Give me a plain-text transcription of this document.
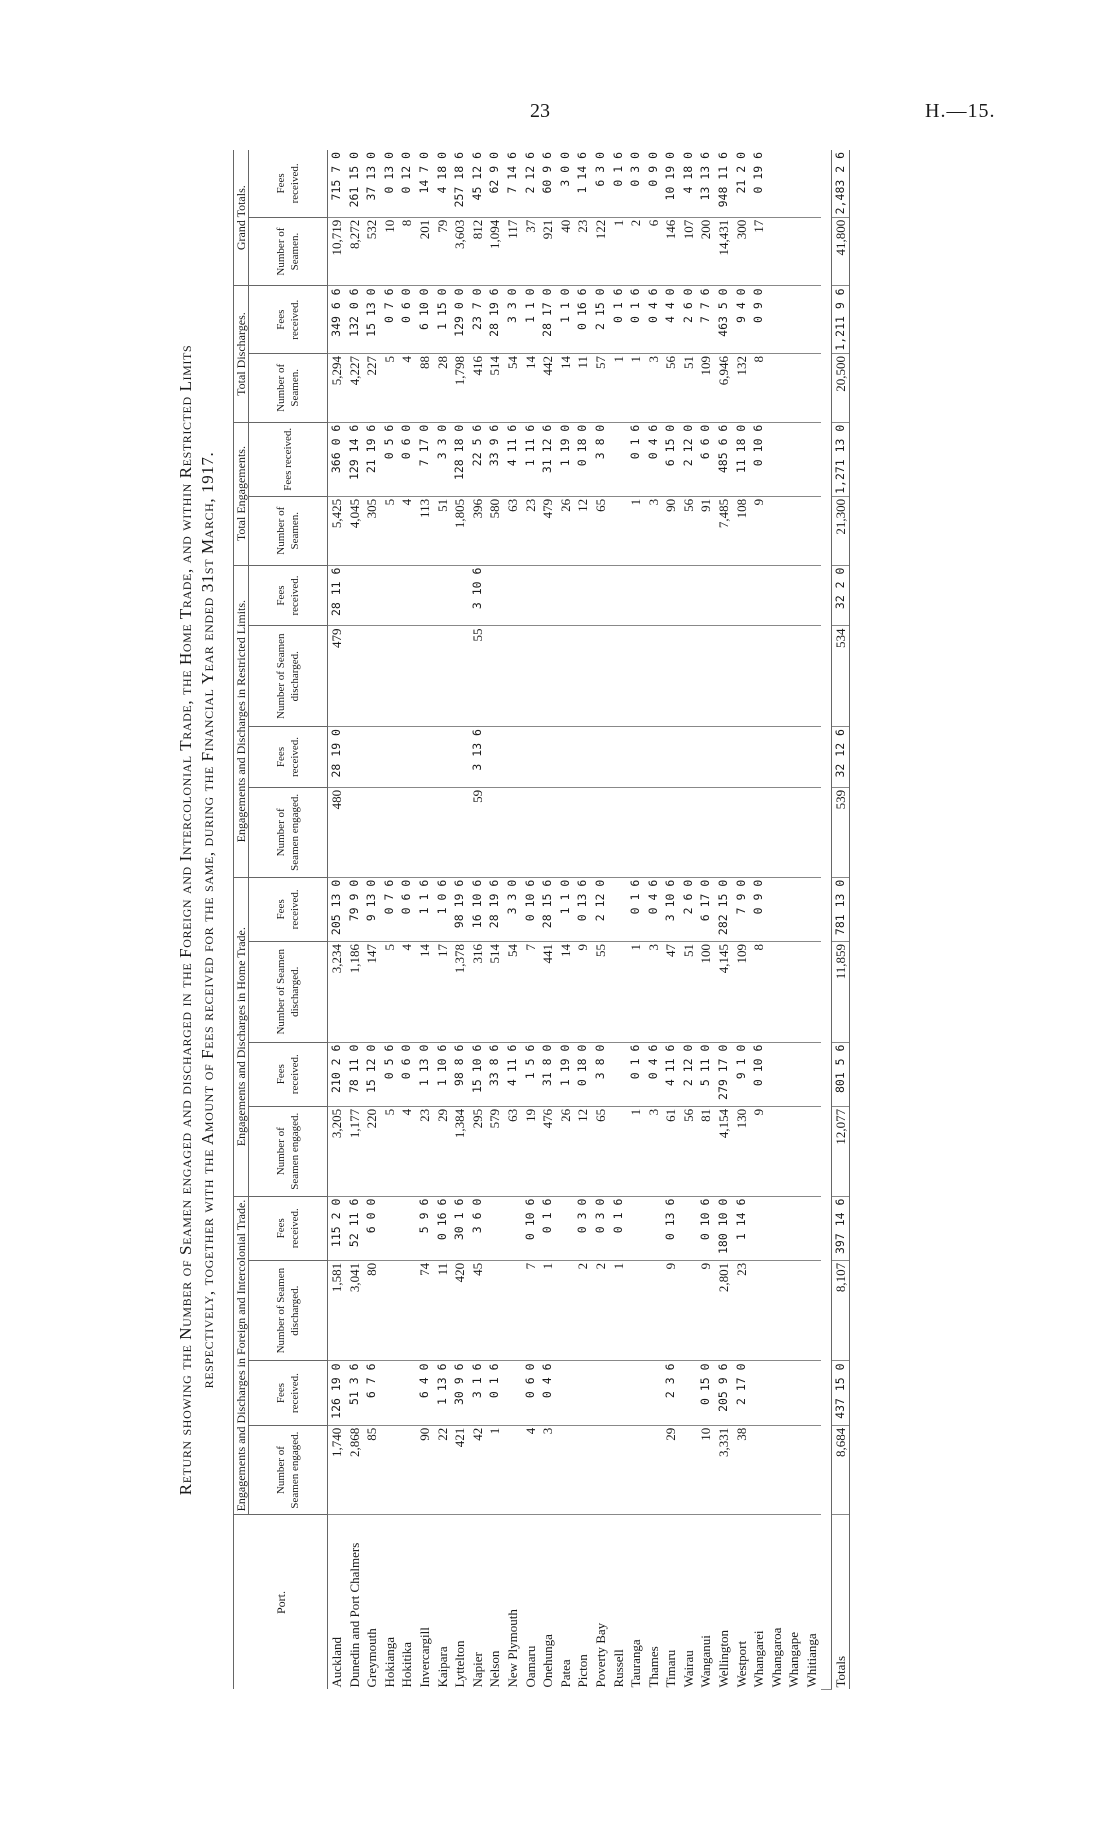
23	H.—15.

Return showing the Number of Seamen engaged and discharged in the Foreign and Intercolonial Trade, the Home Trade, and within Restricted Limits respectively, together with the Amount of Fees received for the same, during the Financial Year ended 31st March, 1917.

Port.	Engagements and Discharges in Foreign and Intercolonial Trade.				Engagements and Discharges in Home Trade.				Engagements and Discharges in Restricted Limits.				Total Engagements.		Total Discharges.		Grand Totals.	
	Number of Seamen engaged.	Fees received.	Number of Seamen discharged.	Fees received.	Number of Seamen engaged.	Fees received.	Number of Seamen discharged.	Fees received.	Number of Seamen engaged.	Fees received.	Number of Seamen discharged.	Fees received.	Number of Seamen.	Fees received.	Number of Seamen.	Fees received.	Number of Seamen.	Fees received.
Auckland	1,740	126 19 0	1,581	115 2 0	3,205	210 2 6	3,234	205 13 0	480	28 19 0	479	28 11 6	5,425	366 0 6	5,294	349 6 6	10,719	715 7 0
Dunedin and Port Chalmers	2,868	51 3 6	3,041	52 11 6	1,177	78 11 0	1,186	79 9 0					4,045	129 14 6	4,227	132 0 6	8,272	261 15 0
Greymouth	85	6 7 6	80	6 0 0	220	15 12 0	147	9 13 0					305	21 19 6	227	15 13 0	532	37 13 0
Hokianga					5	0 5 6	5	0 7 6					5	0 5 6	5	0 7 6	10	0 13 0
Hokitika					4	0 6 0	4	0 6 0					4	0 6 0	4	0 6 0	8	0 12 0
Invercargill	90	6 4 0	74	5 9 6	23	1 13 0	14	1 1 6					113	7 17 0	88	6 10 0	201	14 7 0
Kaipara	22	1 13 6	11	0 16 6	29	1 10 6	17	1 0 6					51	3 3 0	28	1 15 0	79	4 18 0
Lyttelton	421	30 9 6	420	30 1 6	1,384	98 8 6	1,378	98 19 6					1,805	128 18 0	1,798	129 0 0	3,603	257 18 6
Napier	42	3 1 6	45	3 6 0	295	15 10 6	316	16 10 6	59	3 13 6	55	3 10 6	396	22 5 6	416	23 7 0	812	45 12 6
Nelson	1	0 1 6			579	33 8 6	514	28 19 6					580	33 9 6	514	28 19 6	1,094	62 9 0
New Plymouth					63	4 11 6	54	3 3 0					63	4 11 6	54	3 3 0	117	7 14 6
Oamaru	4	0 6 0	7	0 10 6	19	1 5 6	7	0 10 6					23	1 11 6	14	1 1 0	37	2 12 6
Onehunga	3	0 4 6	1	0 1 6	476	31 8 0	441	28 15 6					479	31 12 6	442	28 17 0	921	60 9 6
Patea					26	1 19 0	14	1 1 0					26	1 19 0	14	1 1 0	40	3 0 0
Picton			2	0 3 0	12	0 18 0	9	0 13 6					12	0 18 0	11	0 16 6	23	1 14 6
Poverty Bay			2	0 3 0	65	3 8 0	55	2 12 0					65	3 8 0	57	2 15 0	122	6 3 0
Russell			1	0 1 6											1	0 1 6	1	0 1 6
Tauranga					1	0 1 6	1	0 1 6					1	0 1 6	1	0 1 6	2	0 3 0
Thames					3	0 4 6	3	0 4 6					3	0 4 6	3	0 4 6	6	0 9 0
Timaru	29	2 3 6	9	0 13 6	61	4 11 6	47	3 10 6					90	6 15 0	56	4 4 0	146	10 19 0
Wairau					56	2 12 0	51	2 6 0					56	2 12 0	51	2 6 0	107	4 18 0
Wanganui	10	0 15 0	9	0 10 6	81	5 11 0	100	6 17 0					91	6 6 0	109	7 7 6	200	13 13 6
Wellington	3,331	205 9 6	2,801	180 10 0	4,154	279 17 0	4,145	282 15 0					7,485	485 6 6	6,946	463 5 0	14,431	948 11 6
Westport	38	2 17 0	23	1 14 6	130	9 1 0	109	7 9 0					108	11 18 0	132	9 4 0	300	21 2 0
Whangarei					9	0 10 6	8	0 9 0					9	0 10 6	8	0 9 0	17	0 19 6
Whangaroa																		
Whangape																		
Whitianga																		

Totals	8,684	437 15 0	8,107	397 14 6	12,077	801 5 6	11,859	781 13 0	539	32 12 6	534	32 2 0	21,300	1,271 13 0	20,500	1,211 9 6	41,800	2,483 2 6
